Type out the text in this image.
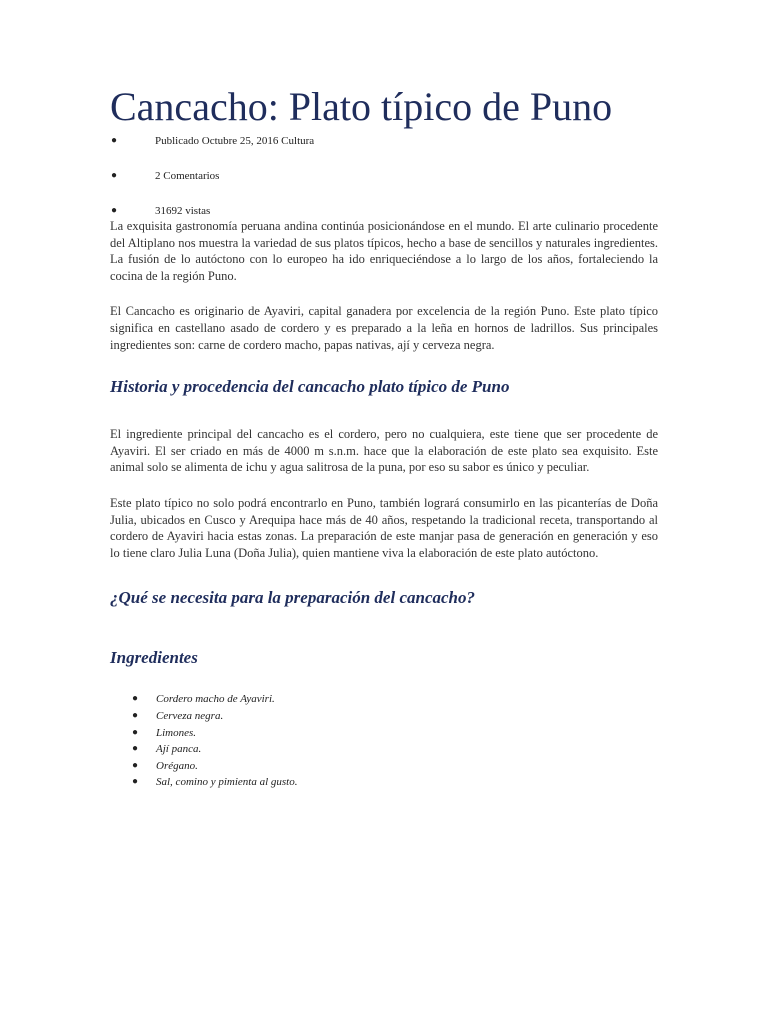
Cancacho: Plato típico de Puno
●	Publicado Octubre 25, 2016 Cultura
●	2 Comentarios
●	31692 vistas

La exquisita gastronomía peruana andina continúa posicionándose en el mundo. El arte culinario procedente del Altiplano nos muestra la variedad de sus platos típicos, hecho a base de sencillos y naturales ingredientes. La fusión de lo autóctono con lo europeo ha ido enriqueciéndose a lo largo de los años, fortaleciendo la cocina de la región Puno.

El Cancacho es originario de Ayaviri, capital ganadera por excelencia de la región Puno. Este plato típico significa en castellano asado de cordero y es preparado a la leña en hornos de ladrillos. Sus principales ingredientes son: carne de cordero macho, papas nativas, ají y cerveza negra.

Historia y procedencia del cancacho plato típico de Puno

El ingrediente principal del cancacho es el cordero, pero no cualquiera, este tiene que ser procedente de Ayaviri. El ser criado en más de 4000 m s.n.m. hace que la elaboración de este plato sea exquisito. Este animal solo se alimenta de ichu y agua salitrosa de la puna, por eso su sabor es único y peculiar.

Este plato típico no solo podrá encontrarlo en Puno, también logrará consumirlo en las picanterías de Doña Julia, ubicados en Cusco y Arequipa hace más de 40 años, respetando la tradicional receta, transportando al cordero de Ayaviri hacia estas zonas. La preparación de este manjar pasa de generación en generación y eso lo tiene claro Julia Luna (Doña Julia), quien mantiene viva la elaboración de este plato autóctono.

¿Qué se necesita para la preparación del cancacho?
Ingredientes
● Cordero macho de Ayaviri.
● Cerveza negra.
● Limones.
● Ají panca.
● Orégano.
● Sal, comino y pimienta al gusto.
